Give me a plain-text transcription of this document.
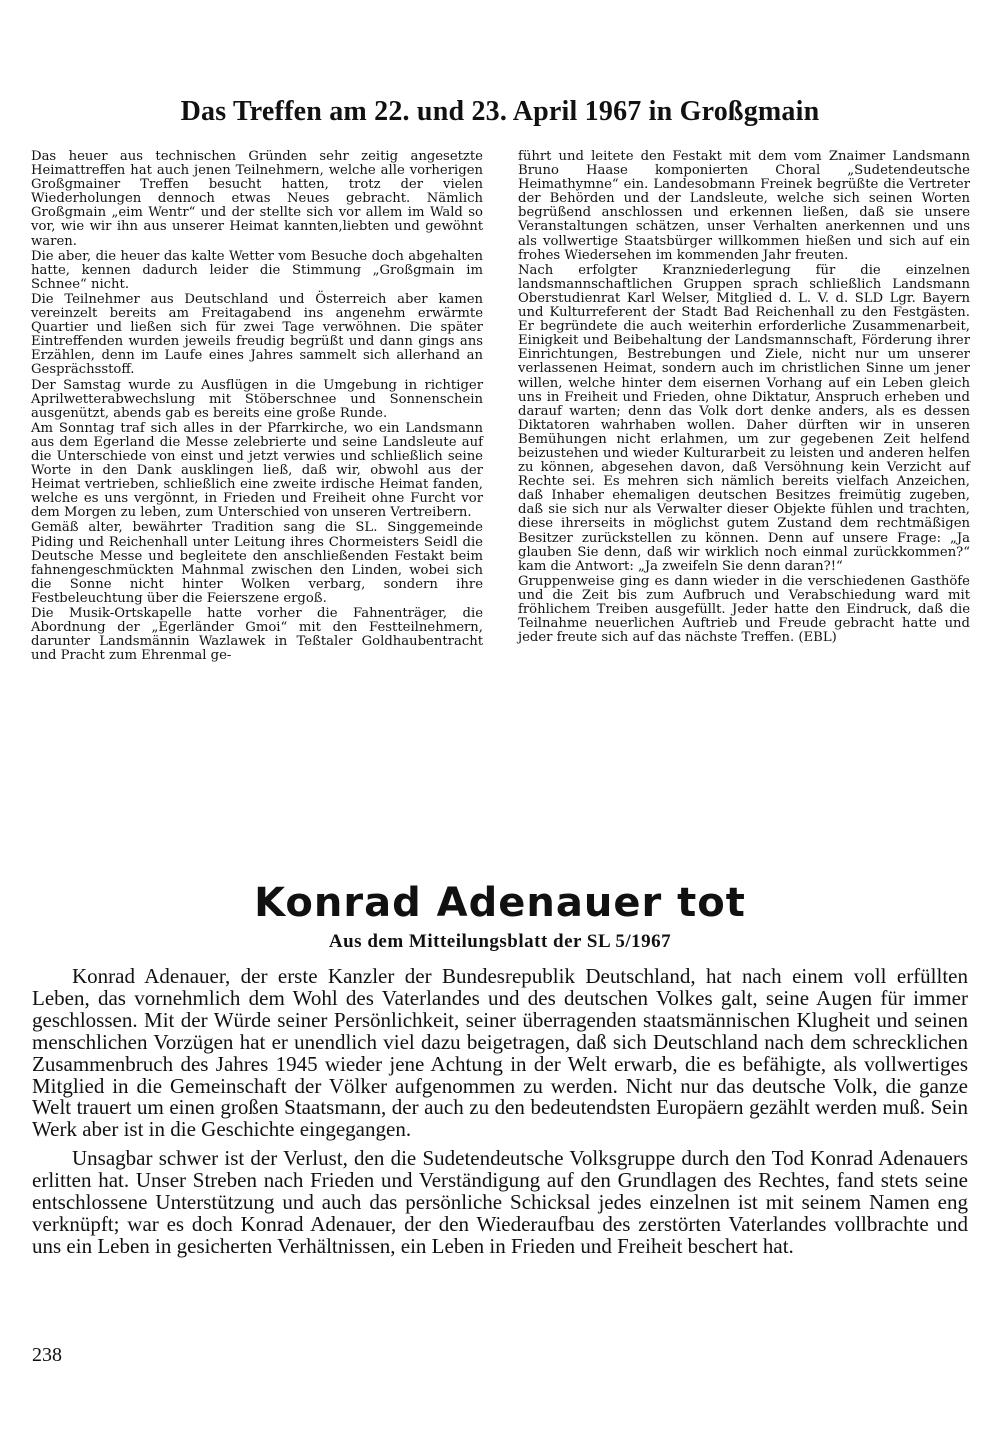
Das Treffen am 22. und 23. April 1967 in Großgmain

Das heuer aus technischen Gründen sehr zeitig angesetzte Heimattreffen hat auch jenen Teilnehmern, welche alle vorherigen Großgmainer Treffen besucht hatten, trotz der vielen Wiederholungen dennoch etwas Neues gebracht. Nämlich Großgmain „eim Wentr“ und der stellte sich vor allem im Wald so vor, wie wir ihn aus unserer Heimat kannten,liebten und gewöhnt waren.

Die aber, die heuer das kalte Wetter vom Besuche doch abgehalten hatte, kennen dadurch leider die Stimmung „Großgmain im Schnee“ nicht.

Die Teilnehmer aus Deutschland und Österreich aber kamen vereinzelt bereits am Freitagabend ins angenehm erwärmte Quartier und ließen sich für zwei Tage verwöhnen. Die später Eintreffenden wurden jeweils freudig begrüßt und dann gings ans Erzählen, denn im Laufe eines Jahres sammelt sich allerhand an Gesprächsstoff.

Der Samstag wurde zu Ausflügen in die Umgebung in richtiger Aprilwetterabwechslung mit Stöberschnee und Sonnenschein ausgenützt, abends gab es bereits eine große Runde.

Am Sonntag traf sich alles in der Pfarrkirche, wo ein Landsmann aus dem Egerland die Messe zelebrierte und seine Landsleute auf die Unterschiede von einst und jetzt verwies und schließlich seine Worte in den Dank ausklingen ließ, daß wir, obwohl aus der Heimat vertrieben, schließlich eine zweite irdische Heimat fanden, welche es uns vergönnt, in Frieden und Freiheit ohne Furcht vor dem Morgen zu leben, zum Unterschied von unseren Vertreibern.

Gemäß alter, bewährter Tradition sang die SL. Singgemeinde Piding und Reichenhall unter Leitung ihres Chormeisters Seidl die Deutsche Messe und begleitete den anschließenden Festakt beim fahnengeschmückten Mahnmal zwischen den Linden, wobei sich die Sonne nicht hinter Wolken verbarg, sondern ihre Festbeleuchtung über die Feierszene ergoß.

Die Musik-Ortskapelle hatte vorher die Fahnenträger, die Abordnung der „Egerländer Gmoi“ mit den Festteilnehmern, darunter Landsmännin Wazlawek in Teßtaler Goldhaubentracht und Pracht zum Ehrenmal ge-

führt und leitete den Festakt mit dem vom Znaimer Landsmann Bruno Haase komponierten Choral „Sudetendeutsche Heimathymne“ ein. Landesobmann Freinek begrüßte die Vertreter der Behörden und der Landsleute, welche sich seinen Worten begrüßend anschlossen und erkennen ließen, daß sie unsere Veranstaltungen schätzen, unser Verhalten anerkennen und uns als vollwertige Staatsbürger willkommen hießen und sich auf ein frohes Wiedersehen im kommenden Jahr freuten.

Nach erfolgter Kranzniederlegung für die einzelnen landsmannschaftlichen Gruppen sprach schließlich Landsmann Oberstudienrat Karl Welser, Mitglied d. L. V. d. SLD Lgr. Bayern und Kulturreferent der Stadt Bad Reichenhall zu den Festgästen. Er begründete die auch weiterhin erforderliche Zusammenarbeit, Einigkeit und Beibehaltung der Landsmannschaft, Förderung ihrer Einrichtungen, Bestrebungen und Ziele, nicht nur um unserer verlassenen Heimat, sondern auch im christlichen Sinne um jener willen, welche hinter dem eisernen Vorhang auf ein Leben gleich uns in Freiheit und Frieden, ohne Diktatur, Anspruch erheben und darauf warten; denn das Volk dort denke anders, als es dessen Diktatoren wahrhaben wollen. Daher dürften wir in unseren Bemühungen nicht erlahmen, um zur gegebenen Zeit helfend beizustehen und wieder Kulturarbeit zu leisten und anderen helfen zu können, abgesehen davon, daß Versöhnung kein Verzicht auf Rechte sei. Es mehren sich nämlich bereits vielfach Anzeichen, daß Inhaber ehemaligen deutschen Besitzes freimütig zugeben, daß sie sich nur als Verwalter dieser Objekte fühlen und trachten, diese ihrerseits in möglichst gutem Zustand dem rechtmäßigen Besitzer zurückstellen zu können. Denn auf unsere Frage: „Ja glauben Sie denn, daß wir wirklich noch einmal zurückkommen?“ kam die Antwort: „Ja zweifeln Sie denn daran?!“

Gruppenweise ging es dann wieder in die verschiedenen Gasthöfe und die Zeit bis zum Aufbruch und Verabschiedung ward mit fröhlichem Treiben ausgefüllt. Jeder hatte den Eindruck, daß die Teilnahme neuerlichen Auftrieb und Freude gebracht hatte und jeder freute sich auf das nächste Treffen. (EBL)

Konrad Adenauer tot
Aus dem Mitteilungsblatt der SL 5/1967

Konrad Adenauer, der erste Kanzler der Bundesrepublik Deutschland, hat nach einem voll erfüllten Leben, das vornehmlich dem Wohl des Vaterlandes und des deutschen Volkes galt, seine Augen für immer geschlossen. Mit der Würde seiner Persönlichkeit, seiner überragenden staatsmännischen Klugheit und seinen menschlichen Vorzügen hat er unendlich viel dazu beigetragen, daß sich Deutschland nach dem schrecklichen Zusammenbruch des Jahres 1945 wieder jene Achtung in der Welt erwarb, die es befähigte, als vollwertiges Mitglied in die Gemeinschaft der Völker aufgenommen zu werden. Nicht nur das deutsche Volk, die ganze Welt trauert um einen großen Staatsmann, der auch zu den bedeutendsten Europäern gezählt werden muß. Sein Werk aber ist in die Geschichte eingegangen.

Unsagbar schwer ist der Verlust, den die Sudetendeutsche Volksgruppe durch den Tod Konrad Adenauers erlitten hat. Unser Streben nach Frieden und Verständigung auf den Grundlagen des Rechtes, fand stets seine entschlossene Unterstützung und auch das persönliche Schicksal jedes einzelnen ist mit seinem Namen eng verknüpft; war es doch Konrad Adenauer, der den Wiederaufbau des zerstörten Vaterlandes vollbrachte und uns ein Leben in gesicherten Verhältnissen, ein Leben in Frieden und Freiheit beschert hat.

238
